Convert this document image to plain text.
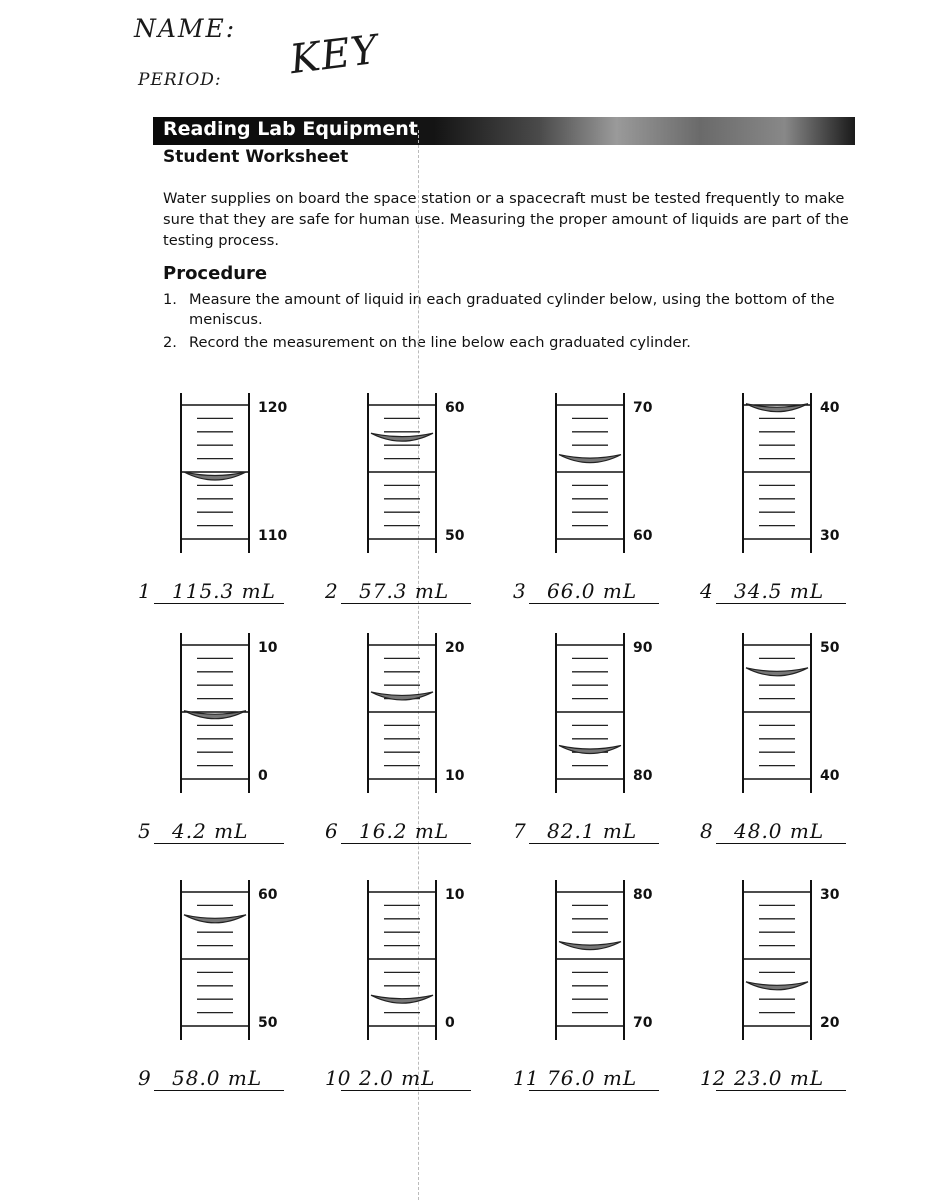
NAME:
PERIOD: KEY
Reading Lab Equipment
Student Worksheet
Water supplies on board the space station or a spacecraft must be tested frequently to make sure that they are safe for human use. Measuring the proper amount of liquids are part of the testing process.
Procedure
1. Measure the amount of liquid in each graduated cylinder below, using the bottom of the meniscus.
2. Record the measurement on the line below each graduated cylinder.
120
110
1 115.3 mL
60
50
2 57.3 mL
70
60
3 66.0 mL
40
30
4 34.5 mL
10
0
5 4.2 mL
20
10
6 16.2 mL
90
80
7 82.1 mL
50
40
8 48.0 mL
60
50
9 58.0 mL
10
0
10 2.0 mL
80
70
11 76.0 mL
30
20
12 23.0 mL
